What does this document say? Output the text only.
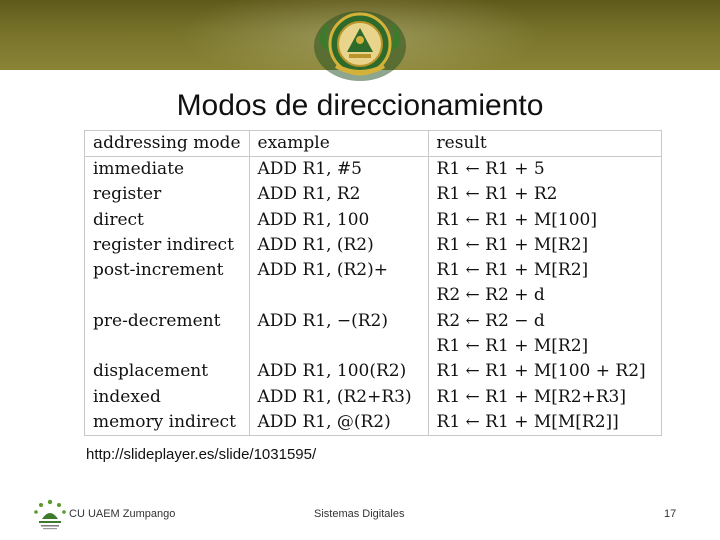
Modos de direccionamiento
addressing mode	example	result
immediate	ADD R1, #5	R1 ← R1 + 5
register	ADD R1, R2	R1 ← R1 + R2
direct	ADD R1, 100	R1 ← R1 + M[100]
register indirect	ADD R1, (R2)	R1 ← R1 + M[R2]
post-increment	ADD R1, (R2)+	R1 ← R1 + M[R2]
		R2 ← R2 + d
pre-decrement	ADD R1, −(R2)	R2 ← R2 − d
		R1 ← R1 + M[R2]
displacement	ADD R1, 100(R2)	R1 ← R1 + M[100 + R2]
indexed	ADD R1, (R2+R3)	R1 ← R1 + M[R2+R3]
memory indirect	ADD R1, @(R2)	R1 ← R1 + M[M[R2]]
http://slideplayer.es/slide/1031595/
CU UAEM Zumpango	Sistemas Digitales	17
